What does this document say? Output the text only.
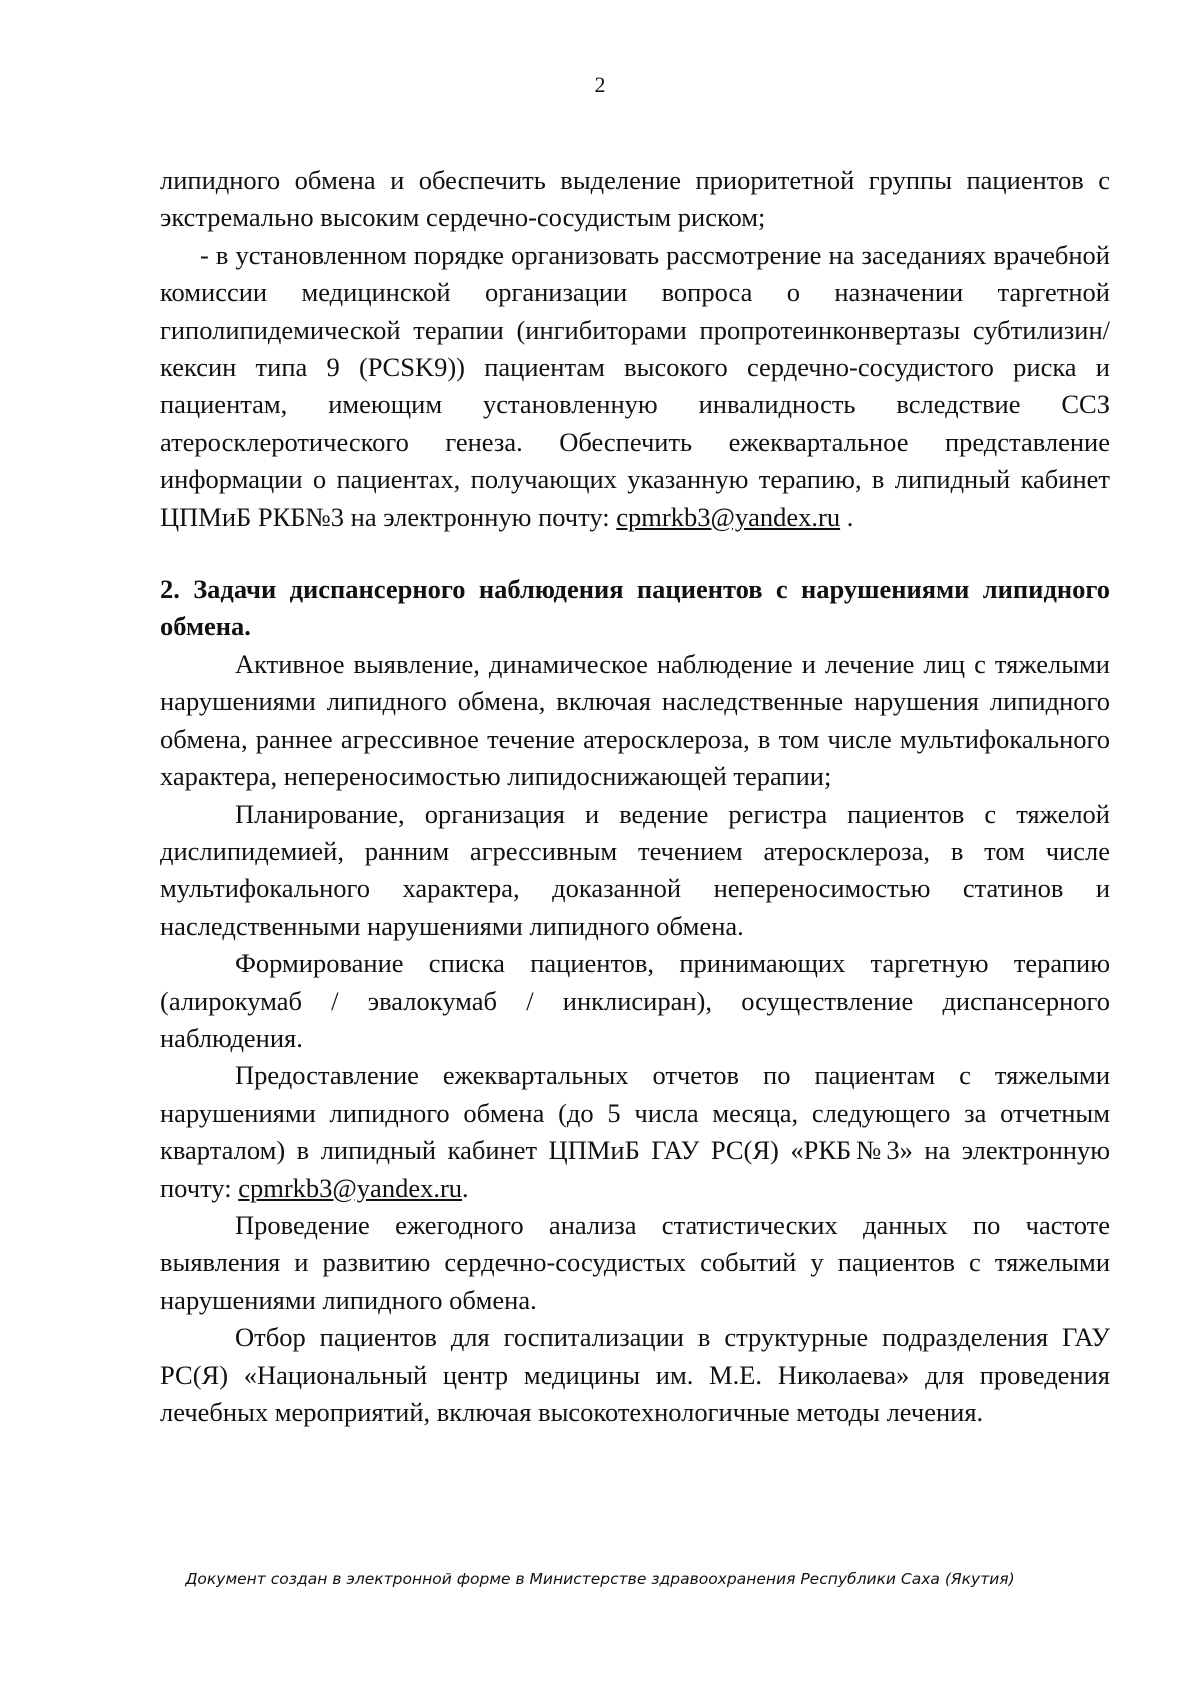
2

липидного обмена и обеспечить выделение приоритетной группы пациентов с экстремально высоким сердечно-сосудистым риском;

- в установленном порядке организовать рассмотрение на заседаниях врачебной комиссии медицинской организации вопроса о назначении таргетной гиполипидемической терапии (ингибиторами пропротеинконвертазы субтилизин/кексин типа 9 (PCSK9)) пациентам высокого сердечно-сосудистого риска и пациентам, имеющим установленную инвалидность вследствие ССЗ атеросклеротического генеза. Обеспечить ежеквартальное представление информации о пациентах, получающих указанную терапию, в липидный кабинет ЦПМиБ РКБ№3 на электронную почту: cpmrkb3@yandex.ru .

2. Задачи диспансерного наблюдения пациентов с нарушениями липидного обмена.

Активное выявление, динамическое наблюдение и лечение лиц с тяжелыми нарушениями липидного обмена, включая наследственные нарушения липидного обмена, раннее агрессивное течение атеросклероза, в том числе мультифокального характера, непереносимостью липидоснижающей терапии;

Планирование, организация и ведение регистра пациентов с тяжелой дислипидемией, ранним агрессивным течением атеросклероза, в том числе мультифокального характера, доказанной непереносимостью статинов и наследственными нарушениями липидного обмена.

Формирование списка пациентов, принимающих таргетную терапию (алирокумаб / эвалокумаб / инклисиран), осуществление диспансерного наблюдения.

Предоставление ежеквартальных отчетов по пациентам с тяжелыми нарушениями липидного обмена (до 5 числа месяца, следующего за отчетным кварталом) в липидный кабинет ЦПМиБ ГАУ РС(Я) «РКБ№3» на электронную почту: cpmrkb3@yandex.ru.

Проведение ежегодного анализа статистических данных по частоте выявления и развитию сердечно-сосудистых событий у пациентов с тяжелыми нарушениями липидного обмена.

Отбор пациентов для госпитализации в структурные подразделения ГАУ РС(Я) «Национальный центр медицины им. М.Е. Николаева» для проведения лечебных мероприятий, включая высокотехнологичные методы лечения.

Документ создан в электронной форме в Министерстве здравоохранения Республики Саха (Якутия)
